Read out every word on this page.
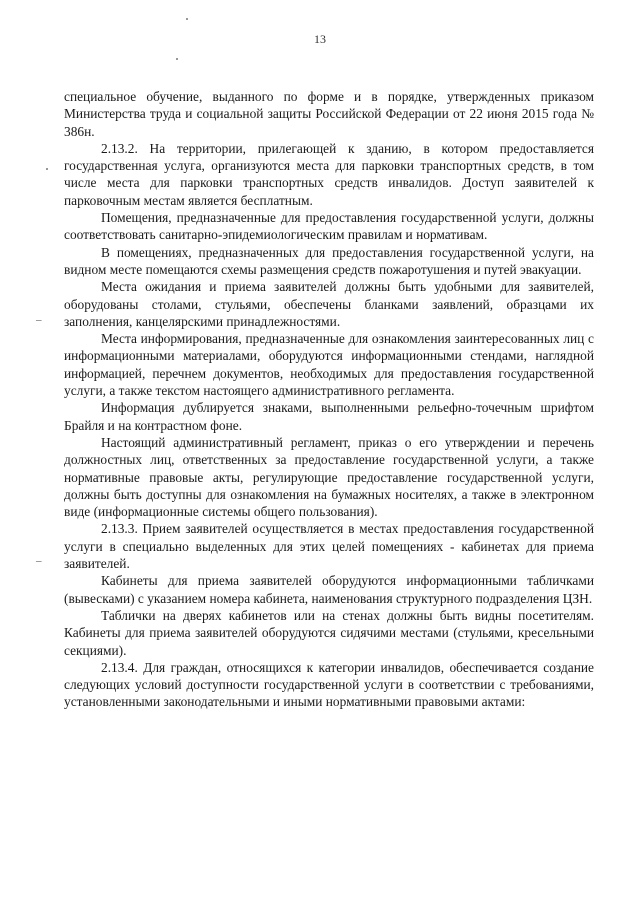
13
–
–

специальное обучение, выданного по форме и в порядке, утвержденных приказом Министерства труда и социальной защиты Российской Федерации от 22 июня 2015 года № 386н.

2.13.2. На территории, прилегающей к зданию, в котором предоставляется государственная услуга, организуются места для парковки транспортных средств, в том числе места для парковки транспортных средств инвалидов. Доступ заявителей к парковочным местам является бесплатным.

Помещения, предназначенные для предоставления государственной услуги, должны соответствовать санитарно-эпидемиологическим правилам и нормативам.

В помещениях, предназначенных для предоставления государственной услуги, на видном месте помещаются схемы размещения средств пожаротушения и путей эвакуации.

Места ожидания и приема заявителей должны быть удобными для заявителей, оборудованы столами, стульями, обеспечены бланками заявлений, образцами их заполнения, канцелярскими принадлежностями.

Места информирования, предназначенные для ознакомления заинтересованных лиц с информационными материалами, оборудуются информационными стендами, наглядной информацией, перечнем документов, необходимых для предоставления государственной услуги, а также текстом настоящего административного регламента.

Информация дублируется знаками, выполненными рельефно-точечным шрифтом Брайля и на контрастном фоне.

Настоящий административный регламент, приказ о его утверждении и перечень должностных лиц, ответственных за предоставление государственной услуги, а также нормативные правовые акты, регулирующие предоставление государственной услуги, должны быть доступны для ознакомления на бумажных носителях, а также в электронном виде (информационные системы общего пользования).

2.13.3. Прием заявителей осуществляется в местах предоставления государственной услуги в специально выделенных для этих целей помещениях - кабинетах для приема заявителей.

Кабинеты для приема заявителей оборудуются информационными табличками (вывесками) с указанием номера кабинета, наименования структурного подразделения ЦЗН.

Таблички на дверях кабинетов или на стенах должны быть видны посетителям. Кабинеты для приема заявителей оборудуются сидячими местами (стульями, кресельными секциями).

2.13.4. Для граждан, относящихся к категории инвалидов, обеспечивается создание следующих условий доступности государственной услуги в соответствии с требованиями, установленными законодательными и иными нормативными правовыми актами:
